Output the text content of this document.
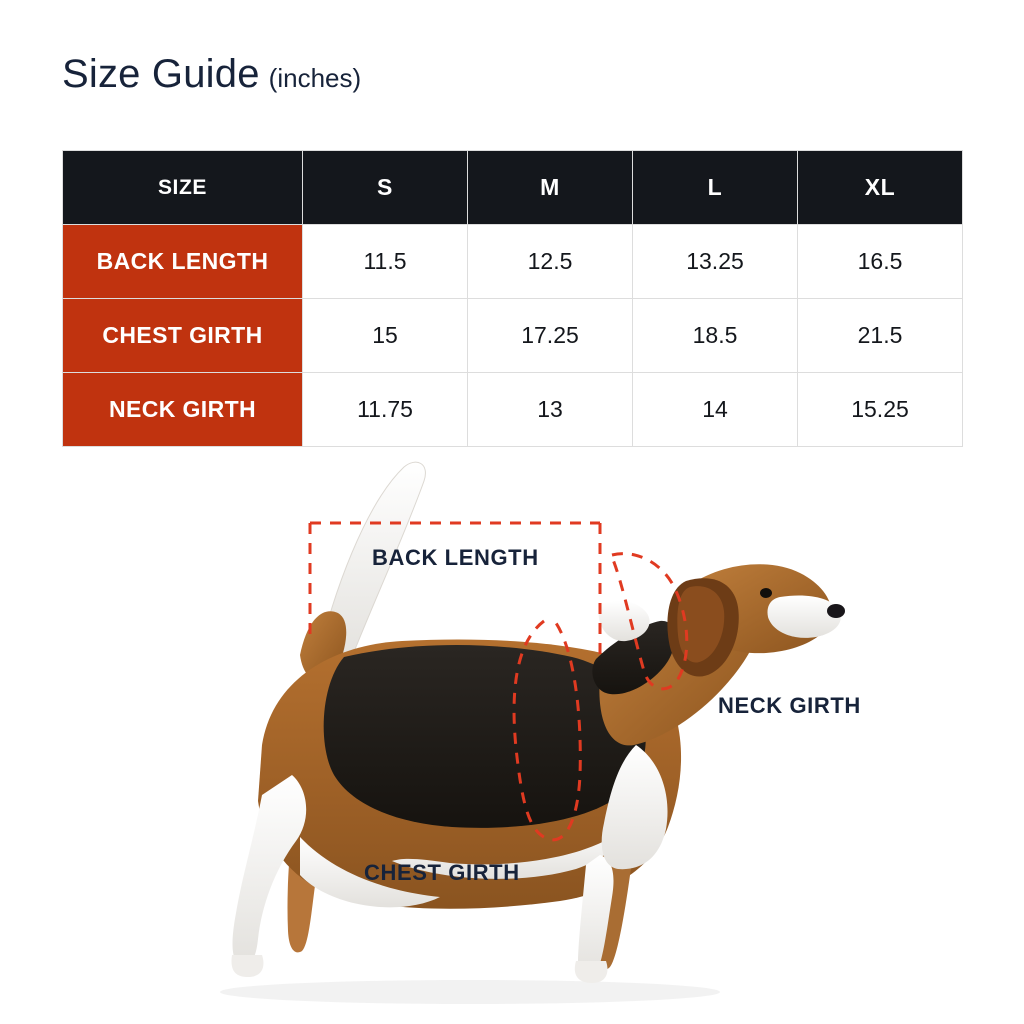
Size Guide (inches)
SIZE	S	M	L	XL
BACK LENGTH	11.5	12.5	13.25	16.5
CHEST GIRTH	15	17.25	18.5	21.5
NECK GIRTH	11.75	13	14	15.25
BACK LENGTH
NECK GIRTH
CHEST GIRTH
